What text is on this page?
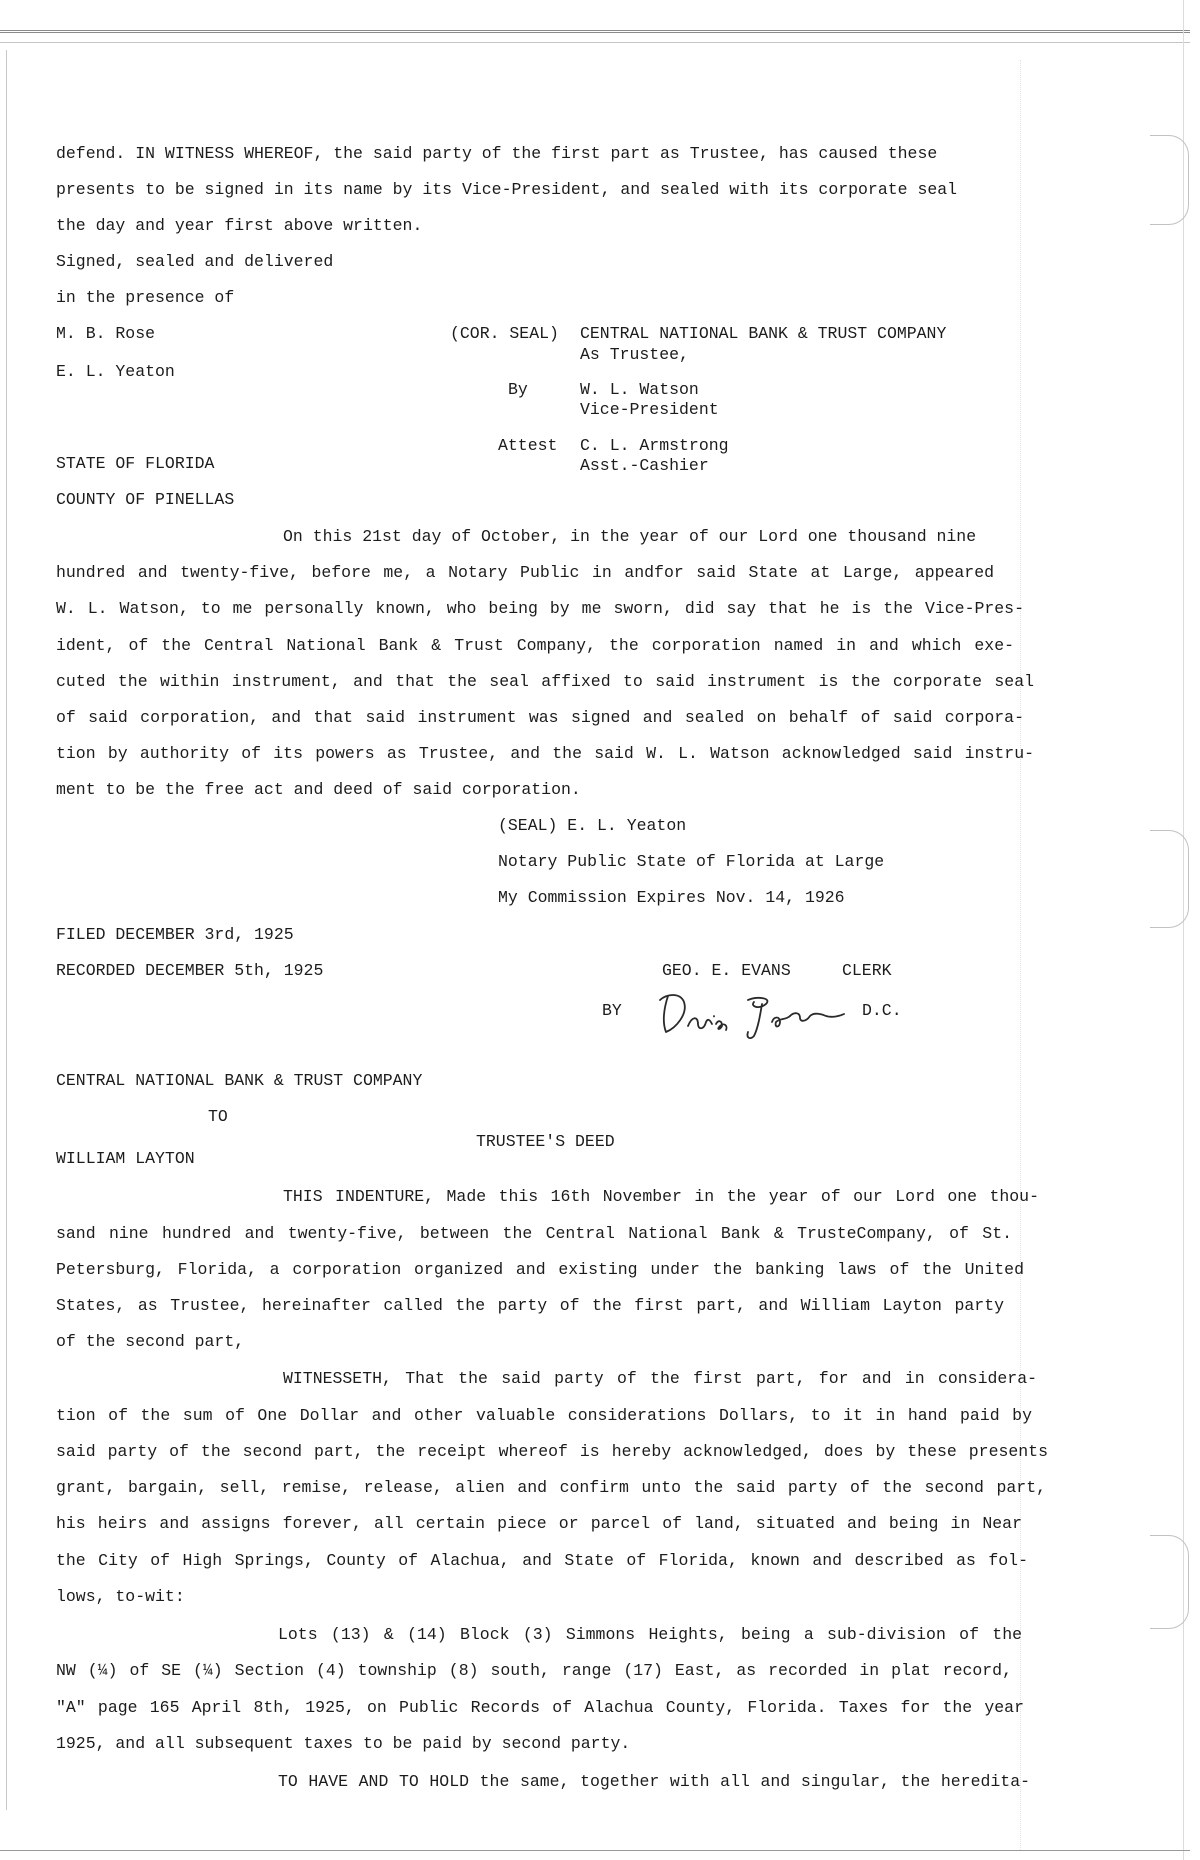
defend. IN WITNESS WHEREOF, the said party of the first part as Trustee, has caused these
presents to be signed in its name by its Vice-President, and sealed with its corporate seal
the day and year first above written.
Signed, sealed and delivered
in the presence of
M. B. Rose
E. L. Yeaton
(COR. SEAL) CENTRAL NATIONAL BANK & TRUST COMPANY
As Trustee,
By	W. L. Watson
Vice-President
Attest C. L. Armstrong
Asst.-Cashier
STATE OF FLORIDA
COUNTY OF PINELLAS
On this 21st day of October, in the year of our Lord one thousand nine
hundred and twenty-five, before me, a Notary Public in andfor said State at Large, appeared
W. L. Watson, to me personally known, who being by me sworn, did say that he is the Vice-Pres-
ident, of the Central National Bank & Trust Company, the corporation named in and which exe-
cuted the within instrument, and that the seal affixed to said instrument is the corporate seal
of said corporation, and that said instrument was signed and sealed on behalf of said corpora-
tion by authority of its powers as Trustee, and the said W. L. Watson acknowledged said instru-
ment to be the free act and deed of said corporation.
(SEAL) E. L. Yeaton
Notary Public State of Florida at Large
My Commission Expires Nov. 14, 1926
FILED DECEMBER 3rd, 1925
RECORDED DECEMBER 5th, 1925	GEO. E. EVANS	CLERK
BY	D.C.
CENTRAL NATIONAL BANK & TRUST COMPANY
TO
TRUSTEE'S DEED
WILLIAM LAYTON
THIS INDENTURE, Made this 16th November in the year of our Lord one thou-
sand nine hundred and twenty-five, between the Central National Bank & TrusteCompany, of St.
Petersburg, Florida, a corporation organized and existing under the banking laws of the United
States, as Trustee, hereinafter called the party of the first part, and William Layton party
of the second part,
WITNESSETH, That the said party of the first part, for and in considera-
tion of the sum of One Dollar and other valuable considerations Dollars, to it in hand paid by
said party of the second part, the receipt whereof is hereby acknowledged, does by these presents
grant, bargain, sell, remise, release, alien and confirm unto the said party of the second part,
his heirs and assigns forever, all certain piece or parcel of land, situated and being in Near
the City of High Springs, County of Alachua, and State of Florida, known and described as fol-
lows, to-wit:
Lots (13) & (14) Block (3) Simmons Heights, being a sub-division of the
NW (¼) of SE (¼) Section (4) township (8) south, range (17) East, as recorded in plat record,
"A" page 165 April 8th, 1925, on Public Records of Alachua County, Florida. Taxes for the year
1925, and all subsequent taxes to be paid by second party.
TO HAVE AND TO HOLD the same, together with all and singular, the heredita-
